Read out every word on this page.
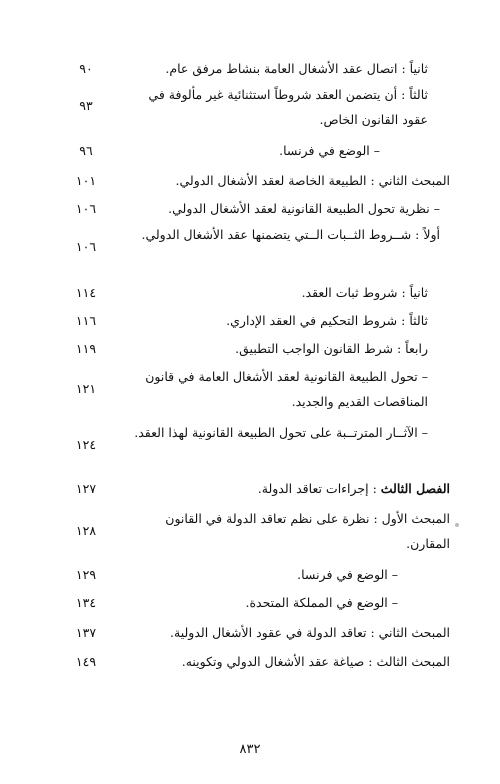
ثانياً : اتصال عقد الأشغال العامة بنشاط مرفق عام.
٩٠
ثالثاً : أن يتضمن العقد شروطاً استثنائية غير مألوفة في عقود القانون الخاص.
٩٣
– الوضع في فرنسا.
٩٦
المبحث الثاني : الطبيعة الخاصة لعقد الأشغال الدولي.
١٠١
– نظرية تحول الطبيعة القانونية لعقد الأشغال الدولي.
١٠٦
أولاً : شــروط الثــبات الــتي يتضمنها عقد الأشغال الدولي.
١٠٦
ثانياً : شروط ثبات العقد.
١١٤
ثالثاً : شروط التحكيم في العقد الإداري.
١١٦
رابعاً : شرط القانون الواجب التطبيق.
١١٩
– تحول الطبيعة القانونية لعقد الأشغال العامة في قانون المناقصات القديم والجديد.
١٢١
– الآثــار المترتــبة على تحول الطبيعة القانونية لهذا العقد.
١٢٤
الفصل الثالث : إجراءات تعاقد الدولة.
١٢٧
المبحث الأول : نظرة على نظم تعاقد الدولة في القانون المقارن.
١٢٨
– الوضع في فرنسا.
١٢٩
– الوضع في المملكة المتحدة.
١٣٤
المبحث الثاني : تعاقد الدولة في عقود الأشغال الدولية.
١٣٧
المبحث الثالث : صياغة عقد الأشغال الدولي وتكوينه.
١٤٩
٨٣٢
